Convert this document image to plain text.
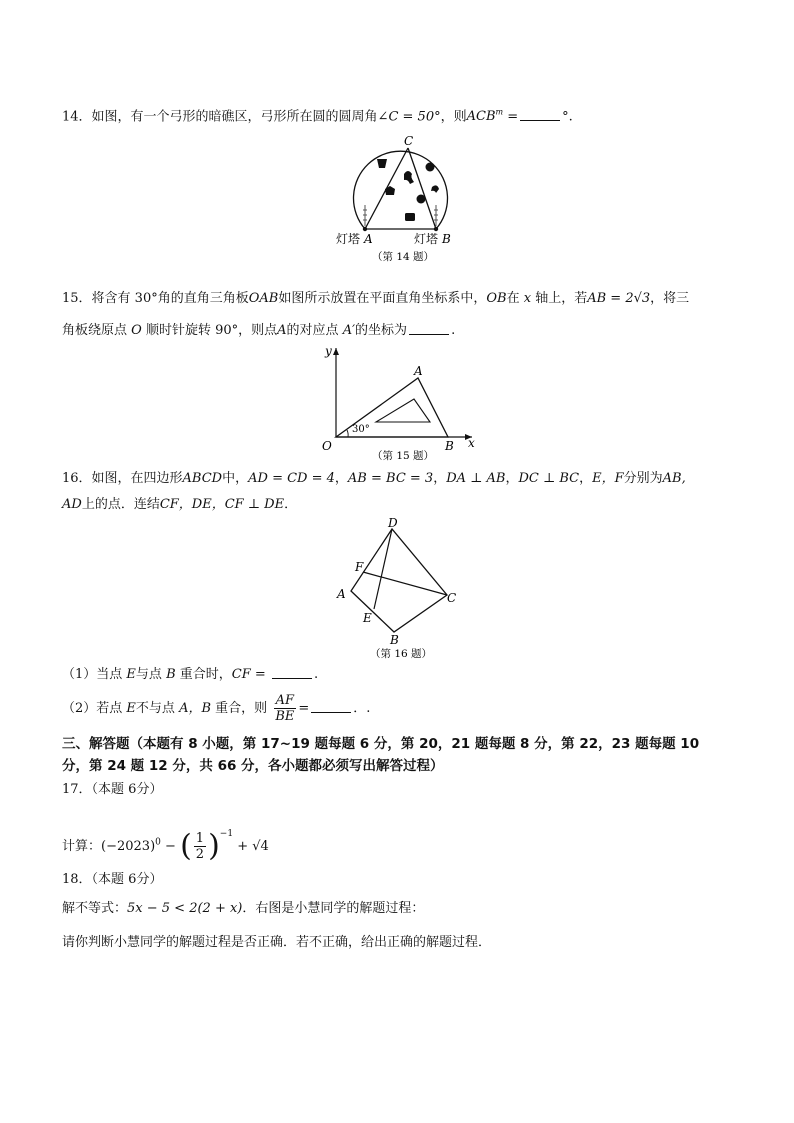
14．如图，有一个弓形的暗礁区，弓形所在圆的圆周角∠C = 50°，则$ACB^m$ =	°.
C
灯塔 A	灯塔 B
（第 14 题）
15．将含有 30°角的直角三角板OAB如图所示放置在平面直角坐标系中，OB在 x 轴上，若AB = 2√3，将三
角板绕原点 O 顺时针旋转 90°，则点A的对应点 A′的坐标为	.
y
x
O
A
B
30°
（第 15 题）
16．如图，在四边形ABCD中，AD = CD = 4，AB = BC = 3，DA ⊥ AB，DC ⊥ BC，E，F分别为AB,
AD上的点．连结CF，DE，CF ⊥ DE．
D
F
A	C
E
B
（第 16 题）
（1）当点 E与点 B 重合时，CF =	.
（2）若点 E不与点 A，B 重合，则 $\frac{AF}{BE}$ =	．.
三、解答题（本题有 8 小题，第 17~19 题每题 6 分，第 20，21 题每题 8 分，第 22，23 题每题 10
分，第 24 题 12 分，共 66 分，各小题都必须写出解答过程）
17．（本题 6分）
计算：$(-2023)^0$ − ( $\frac{1}{2} )^{-1} + √4$
18．（本题 6分）
解不等式：5x − 5 < 2(2 + x)．右图是小慧同学的解题过程：
请你判断小慧同学的解题过程是否正确．若不正确，给出正确的解题过程．
